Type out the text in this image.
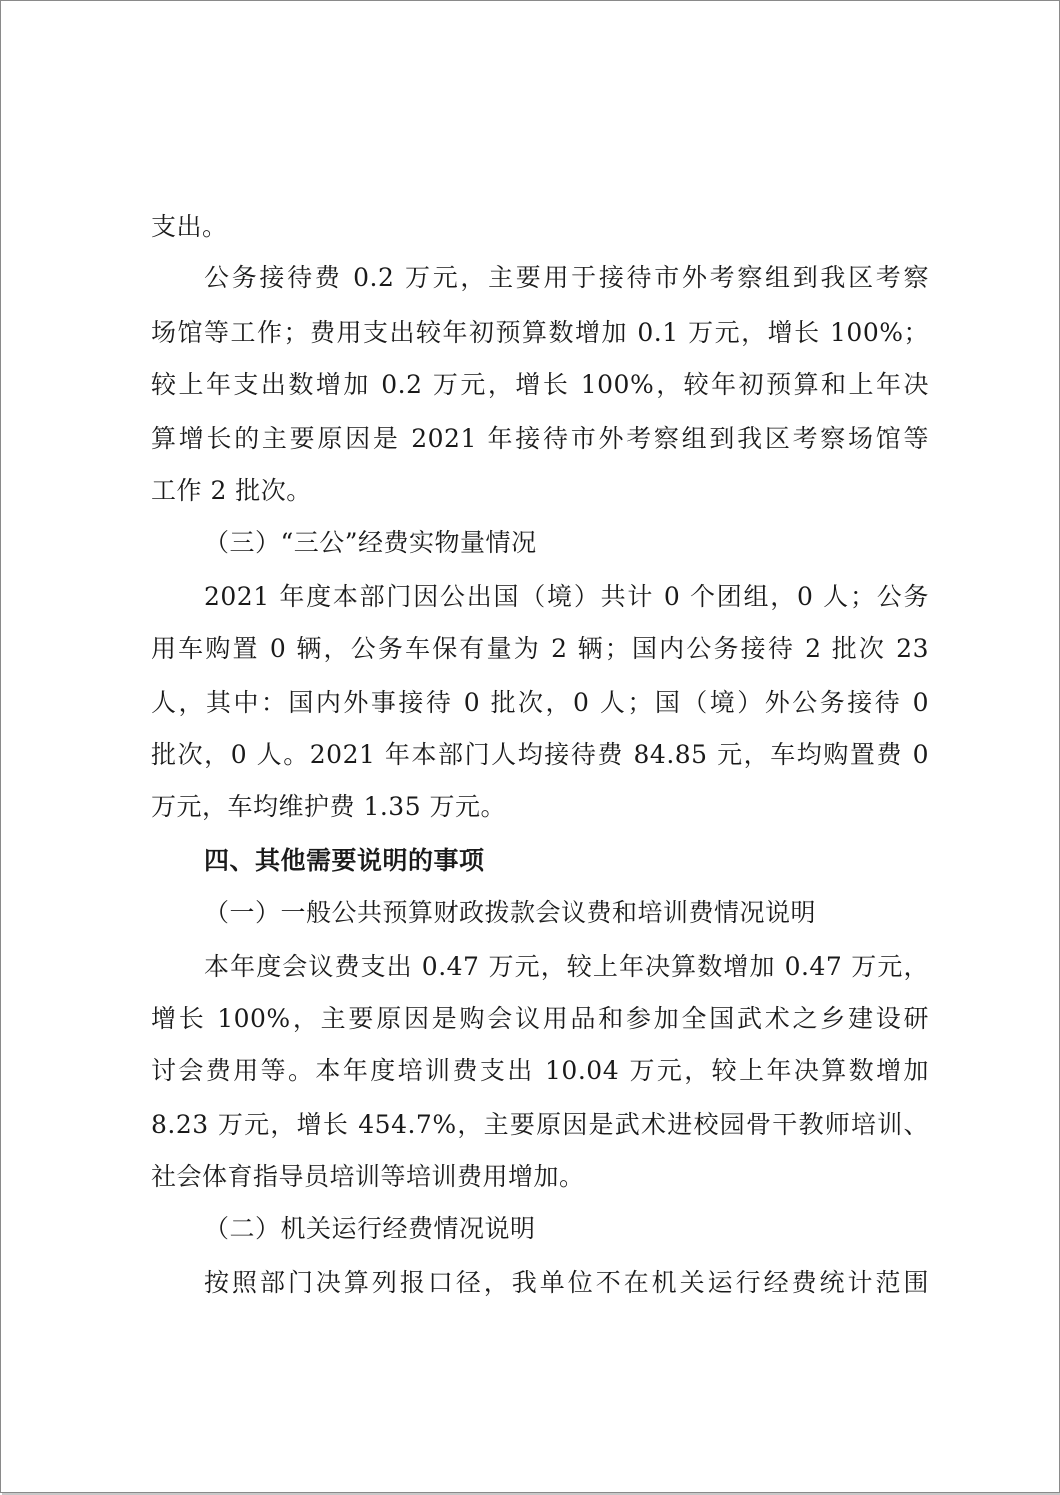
支出。
公务接待费 0.2 万元，主要用于接待市外考察组到我区考察
场馆等工作；费用支出较年初预算数增加 0.1 万元，增长 100%；
较上年支出数增加 0.2 万元，增长 100%，较年初预算和上年决
算增长的主要原因是 2021 年接待市外考察组到我区考察场馆等
工作 2 批次。
（三）“三公”经费实物量情况
2021 年度本部门因公出国（境）共计 0 个团组，0 人；公务
用车购置 0 辆，公务车保有量为 2 辆；国内公务接待 2 批次 23
人，其中：国内外事接待 0 批次，0 人；国（境）外公务接待 0
批次，0 人。2021 年本部门人均接待费 84.85 元，车均购置费 0
万元，车均维护费 1.35 万元。
四、其他需要说明的事项
（一）一般公共预算财政拨款会议费和培训费情况说明
本年度会议费支出 0.47 万元，较上年决算数增加 0.47 万元，
增长 100%，主要原因是购会议用品和参加全国武术之乡建设研
讨会费用等。本年度培训费支出 10.04 万元，较上年决算数增加
8.23 万元，增长 454.7%，主要原因是武术进校园骨干教师培训、
社会体育指导员培训等培训费用增加。
（二）机关运行经费情况说明
按照部门决算列报口径，我单位不在机关运行经费统计范围
